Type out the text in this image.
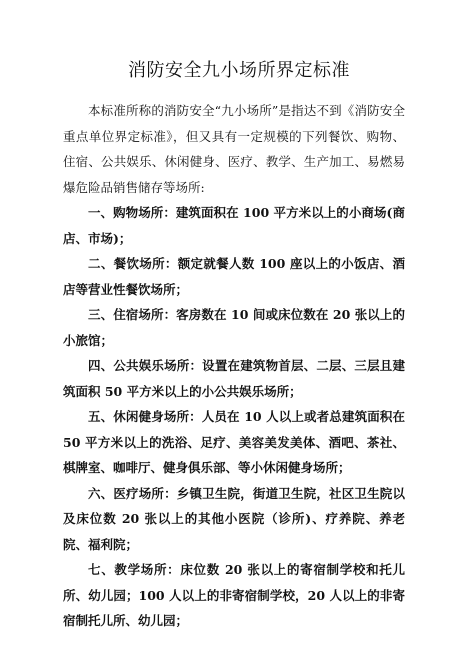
消防安全九小场所界定标准

本标准所称的消防安全“九小场所”是指达不到《消防安全重点单位界定标准》，但又具有一定规模的下列餐饮、购物、住宿、公共娱乐、休闲健身、医疗、教学、生产加工、易燃易爆危险品销售储存等场所:

一、购物场所：建筑面积在 100 平方米以上的小商场(商店、市场)；

二、餐饮场所：额定就餐人数 100 座以上的小饭店、酒店等营业性餐饮场所；

三、住宿场所：客房数在 10 间或床位数在 20 张以上的小旅馆；

四、公共娱乐场所：设置在建筑物首层、二层、三层且建筑面积 50 平方米以上的小公共娱乐场所；

五、休闲健身场所：人员在 10 人以上或者总建筑面积在 50 平方米以上的洗浴、足疗、美容美发美体、酒吧、茶社、棋牌室、咖啡厅、健身俱乐部、等小休闲健身场所；

六、医疗场所：乡镇卫生院，街道卫生院，社区卫生院以及床位数 20 张以上的其他小医院（诊所)、疗养院、养老院、福利院；

七、教学场所：床位数 20 张以上的寄宿制学校和托儿所、幼儿园；100 人以上的非寄宿制学校，20 人以上的非寄宿制托儿所、幼儿园；
